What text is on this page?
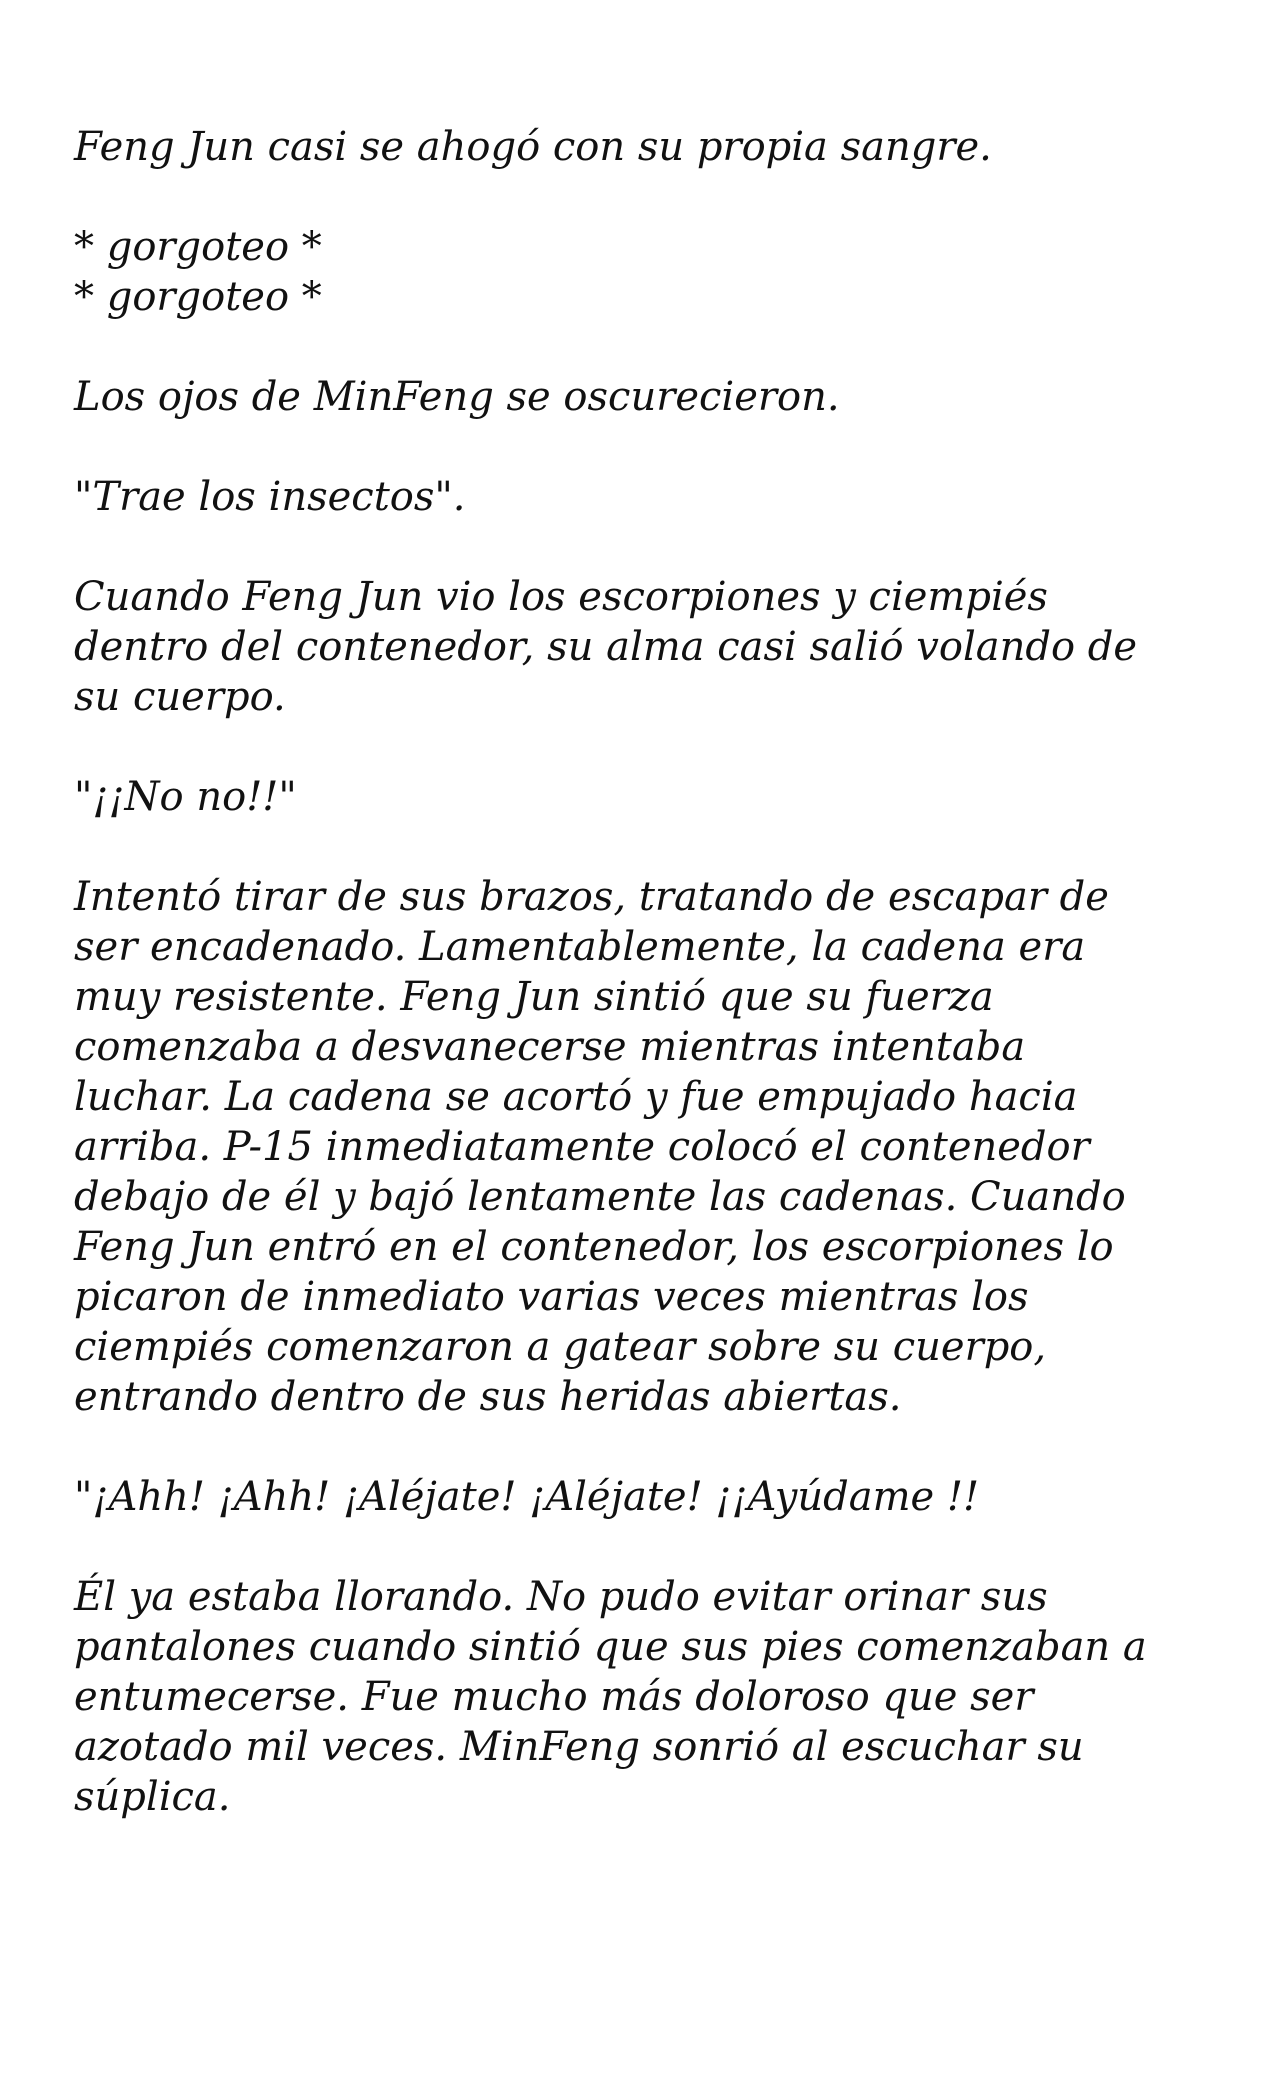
Feng Jun casi se ahogó con su propia sangre.

* gorgoteo *
* gorgoteo *

Los ojos de MinFeng se oscurecieron.

"Trae los insectos".

Cuando Feng Jun vio los escorpiones y ciempiés
dentro del contenedor, su alma casi salió volando de
su cuerpo.

"¡¡No no!!"

Intentó tirar de sus brazos, tratando de escapar de
ser encadenado. Lamentablemente, la cadena era
muy resistente. Feng Jun sintió que su fuerza
comenzaba a desvanecerse mientras intentaba
luchar. La cadena se acortó y fue empujado hacia
arriba. P-15 inmediatamente colocó el contenedor
debajo de él y bajó lentamente las cadenas. Cuando
Feng Jun entró en el contenedor, los escorpiones lo
picaron de inmediato varias veces mientras los
ciempiés comenzaron a gatear sobre su cuerpo,
entrando dentro de sus heridas abiertas.

"¡Ahh! ¡Ahh! ¡Aléjate! ¡Aléjate! ¡¡Ayúdame !!

Él ya estaba llorando. No pudo evitar orinar sus
pantalones cuando sintió que sus pies comenzaban a
entumecerse. Fue mucho más doloroso que ser
azotado mil veces. MinFeng sonrió al escuchar su
súplica.
